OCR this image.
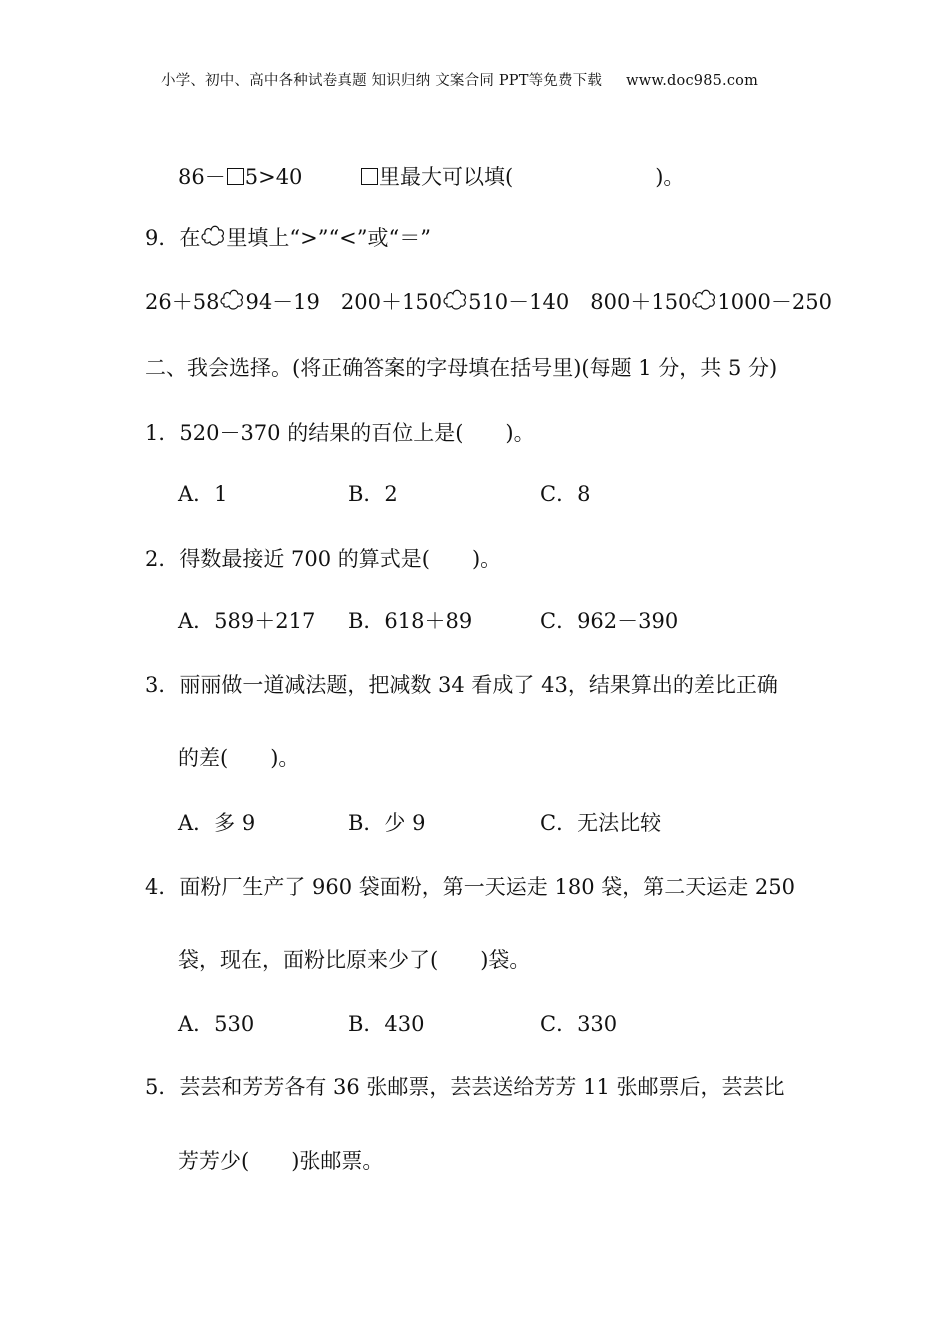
小学、初中、高中各种试卷真题 知识归纳 文案合同 PPT等免费下载 www.doc985.com
86－ 5>40	里最大可以填(	)。
9．在 里填上“>”“<”或“＝”
26＋58 94－19 200＋150 510－140 800＋150 1000－250
二、我会选择。(将正确答案的字母填在括号里)(每题 1 分，共 5 分)
1．520－370 的结果的百位上是(　　)。
A．1	B．2	C．8
2．得数最接近 700 的算式是(　　)。
A．589＋217 B．618＋89	C．962－390
3．丽丽做一道减法题，把减数 34 看成了 43，结果算出的差比正确
的差(　　)。
A．多 9	B．少 9	C．无法比较
4．面粉厂生产了 960 袋面粉，第一天运走 180 袋，第二天运走 250
袋，现在，面粉比原来少了(　　)袋。
A．530	B．430	C．330
5．芸芸和芳芳各有 36 张邮票，芸芸送给芳芳 11 张邮票后，芸芸比
芳芳少(　　)张邮票。
